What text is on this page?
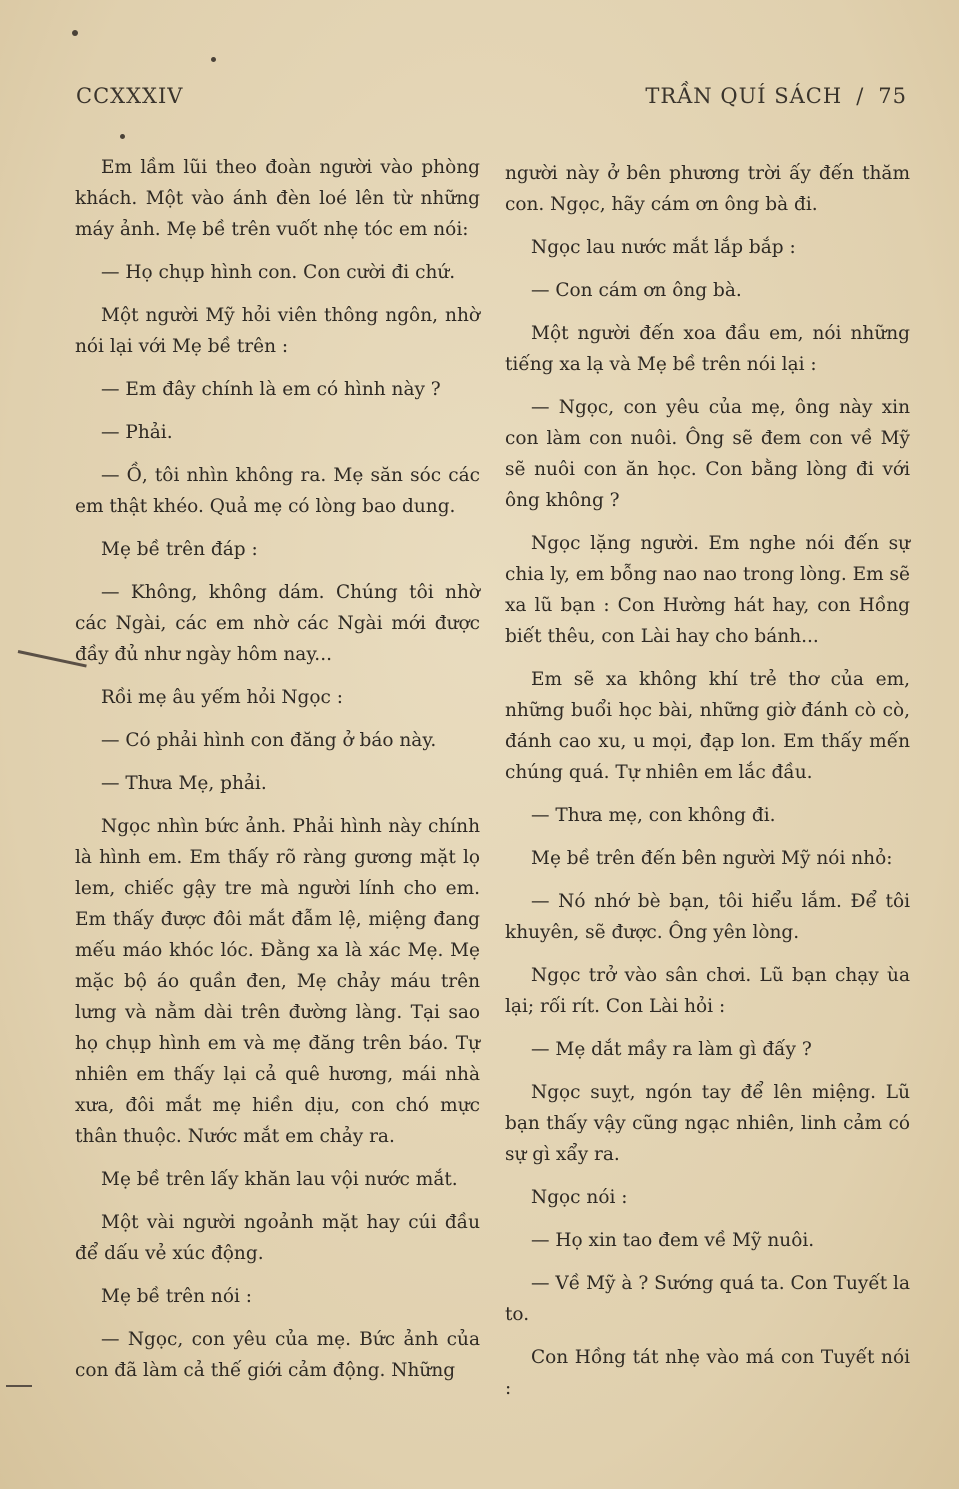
CCXXXIV	TRẦN QUÍ SÁCH / 75

Em lầm lũi theo đoàn người vào phòng khách. Một vào ánh đèn loé lên từ những máy ảnh. Mẹ bề trên vuốt nhẹ tóc em nói:

— Họ chụp hình con. Con cười đi chứ.

Một người Mỹ hỏi viên thông ngôn, nhờ nói lại với Mẹ bề trên :

— Em đây chính là em có hình này ?

— Phải.

— Ồ, tôi nhìn không ra. Mẹ săn sóc các em thật khéo. Quả mẹ có lòng bao dung.

Mẹ bề trên đáp :

— Không, không dám. Chúng tôi nhờ các Ngài, các em nhờ các Ngài mới được đầy đủ như ngày hôm nay...

Rồi mẹ âu yếm hỏi Ngọc :

— Có phải hình con đăng ở báo này.

— Thưa Mẹ, phải.

Ngọc nhìn bức ảnh. Phải hình này chính là hình em. Em thấy rõ ràng gương mặt lọ lem, chiếc gậy tre mà người lính cho em. Em thấy được đôi mắt đẫm lệ, miệng đang mếu máo khóc lóc. Đằng xa là xác Mẹ. Mẹ mặc bộ áo quần đen, Mẹ chảy máu trên lưng và nằm dài trên đường làng. Tại sao họ chụp hình em và mẹ đăng trên báo. Tự nhiên em thấy lại cả quê hương, mái nhà xưa, đôi mắt mẹ hiền dịu, con chó mực thân thuộc. Nước mắt em chảy ra.

Mẹ bề trên lấy khăn lau vội nước mắt.

Một vài người ngoảnh mặt hay cúi đầu để dấu vẻ xúc động.

Mẹ bề trên nói :

— Ngọc, con yêu của mẹ. Bức ảnh của con đã làm cả thế giới cảm động. Những

người này ở bên phương trời ấy đến thăm con. Ngọc, hãy cám ơn ông bà đi.

Ngọc lau nước mắt lắp bắp :

— Con cám ơn ông bà.

Một người đến xoa đầu em, nói những tiếng xa lạ và Mẹ bề trên nói lại :

— Ngọc, con yêu của mẹ, ông này xin con làm con nuôi. Ông sẽ đem con về Mỹ sẽ nuôi con ăn học. Con bằng lòng đi với ông không ?

Ngọc lặng người. Em nghe nói đến sự chia ly, em bỗng nao nao trong lòng. Em sẽ xa lũ bạn : Con Hường hát hay, con Hồng biết thêu, con Lài hay cho bánh...

Em sẽ xa không khí trẻ thơ của em, những buổi học bài, những giờ đánh cò cò, đánh cao xu, u mọi, đạp lon. Em thấy mến chúng quá. Tự nhiên em lắc đầu.

— Thưa mẹ, con không đi.

Mẹ bề trên đến bên người Mỹ nói nhỏ:

— Nó nhớ bè bạn, tôi hiểu lắm. Để tôi khuyên, sẽ được. Ông yên lòng.

Ngọc trở vào sân chơi. Lũ bạn chạy ùa lại; rối rít. Con Lài hỏi :

— Mẹ dắt mầy ra làm gì đấy ?

Ngọc suỵt, ngón tay để lên miệng. Lũ bạn thấy vậy cũng ngạc nhiên, linh cảm có sự gì xẩy ra.

Ngọc nói :

— Họ xin tao đem về Mỹ nuôi.

— Về Mỹ à ? Sướng quá ta. Con Tuyết la to.

Con Hồng tát nhẹ vào má con Tuyết nói :
